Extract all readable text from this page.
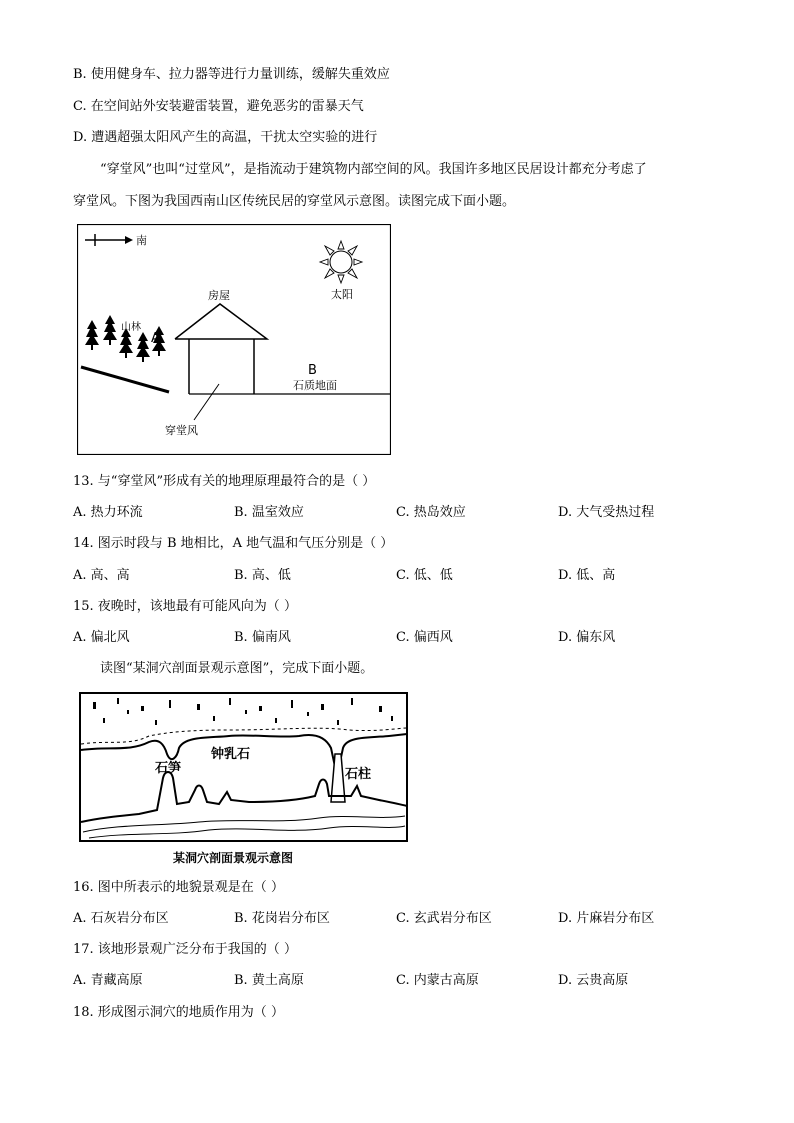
B. 使用健身车、拉力器等进行力量训练，缓解失重效应
C. 在空间站外安装避雷装置，避免恶劣的雷暴天气
D. 遭遇超强太阳风产生的高温，干扰太空实验的进行
“穿堂风”也叫“过堂风”，是指流动于建筑物内部空间的风。我国许多地区民居设计都充分考虑了
穿堂风。下图为我国西南山区传统民居的穿堂风示意图。读图完成下面小题。
南
太阳
房屋
山林
A
B
石质地面
穿堂风
13. 与“穿堂风”形成有关的地理原理最符合的是（ ）
A. 热力环流	B. 温室效应	C. 热岛效应	D. 大气受热过程
14. 图示时段与 B 地相比，A 地气温和气压分别是（ ）
A. 高、高	B. 高、低	C. 低、低	D. 低、高
15. 夜晚时，该地最有可能风向为（ ）
A. 偏北风	B. 偏南风	C. 偏西风	D. 偏东风
读图“某洞穴剖面景观示意图”，完成下面小题。
钟乳石
石笋	石柱
某洞穴剖面景观示意图
16. 图中所表示的地貌景观是在（ ）
A. 石灰岩分布区	B. 花岗岩分布区	C. 玄武岩分布区	D. 片麻岩分布区
17. 该地形景观广泛分布于我国的（ ）
A. 青藏高原	B. 黄土高原	C. 内蒙古高原	D. 云贵高原
18. 形成图示洞穴的地质作用为（ ）
